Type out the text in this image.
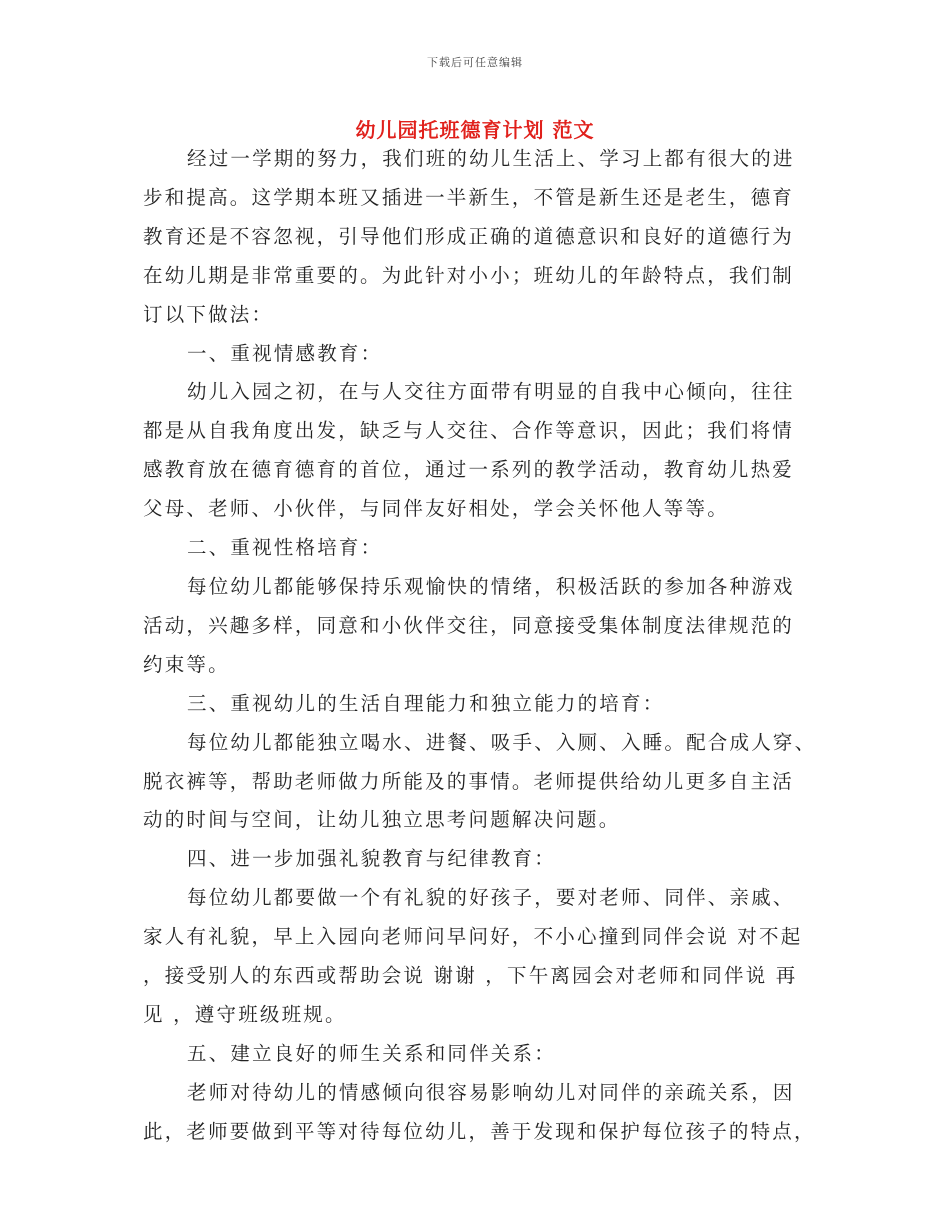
下载后可任意编辑
幼儿园托班德育计划 范文
经过一学期的努力，我们班的幼儿生活上、学习上都有很大的进
步和提高。这学期本班又插进一半新生，不管是新生还是老生，德育
教育还是不容忽视，引导他们形成正确的道德意识和良好的道德行为
在幼儿期是非常重要的。为此针对小小；班幼儿的年龄特点，我们制
订以下做法：
一、重视情感教育：
幼儿入园之初，在与人交往方面带有明显的自我中心倾向，往往
都是从自我角度出发，缺乏与人交往、合作等意识，因此；我们将情
感教育放在德育德育的首位，通过一系列的教学活动，教育幼儿热爱
父母、老师、小伙伴，与同伴友好相处，学会关怀他人等等。
二、重视性格培育：
每位幼儿都能够保持乐观愉快的情绪，积极活跃的参加各种游戏
活动，兴趣多样，同意和小伙伴交往，同意接受集体制度法律规范的
约束等。
三、重视幼儿的生活自理能力和独立能力的培育：
每位幼儿都能独立喝水、进餐、吸手、入厕、入睡。配合成人穿、
脱衣裤等，帮助老师做力所能及的事情。老师提供给幼儿更多自主活
动的时间与空间，让幼儿独立思考问题解决问题。
四、进一步加强礼貌教育与纪律教育：
每位幼儿都要做一个有礼貌的好孩子，要对老师、同伴、亲戚、
家人有礼貌，早上入园向老师问早问好，不小心撞到同伴会说 对不起
，接受别人的东西或帮助会说 谢谢 ，下午离园会对老师和同伴说 再
见 ，遵守班级班规。
五、建立良好的师生关系和同伴关系：
老师对待幼儿的情感倾向很容易影响幼儿对同伴的亲疏关系，因
此，老师要做到平等对待每位幼儿，善于发现和保护每位孩子的特点，
